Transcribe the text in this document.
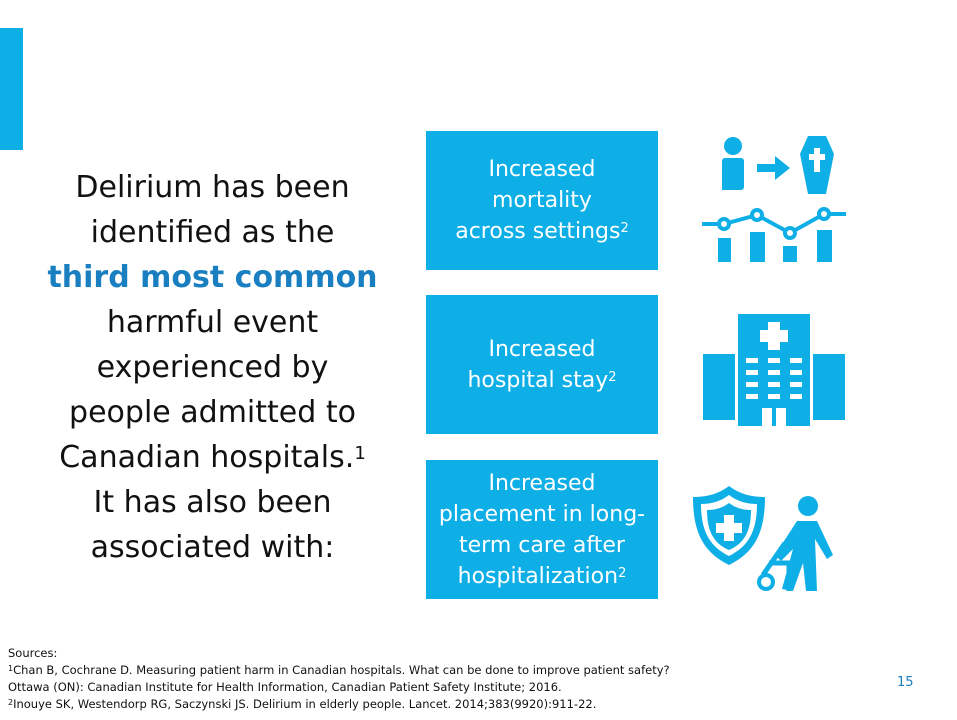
Delirium has been
identified as the
third most common
harmful event
experienced by
people admitted to
Canadian hospitals.$^1$
It has also been
associated with:
Increased
mortality
across settings$^2$
Increased
hospital stay$^2$
Increased
placement in long-
term care after
hospitalization$^2$
Sources:
$^1$Chan B, Cochrane D. Measuring patient harm in Canadian hospitals. What can be done to improve patient safety?
Ottawa (ON): Canadian Institute for Health Information, Canadian Patient Safety Institute; 2016.
$^2$Inouye SK, Westendorp RG, Saczynski JS. Delirium in elderly people. Lancet. 2014;383(9920):911-22.
15
